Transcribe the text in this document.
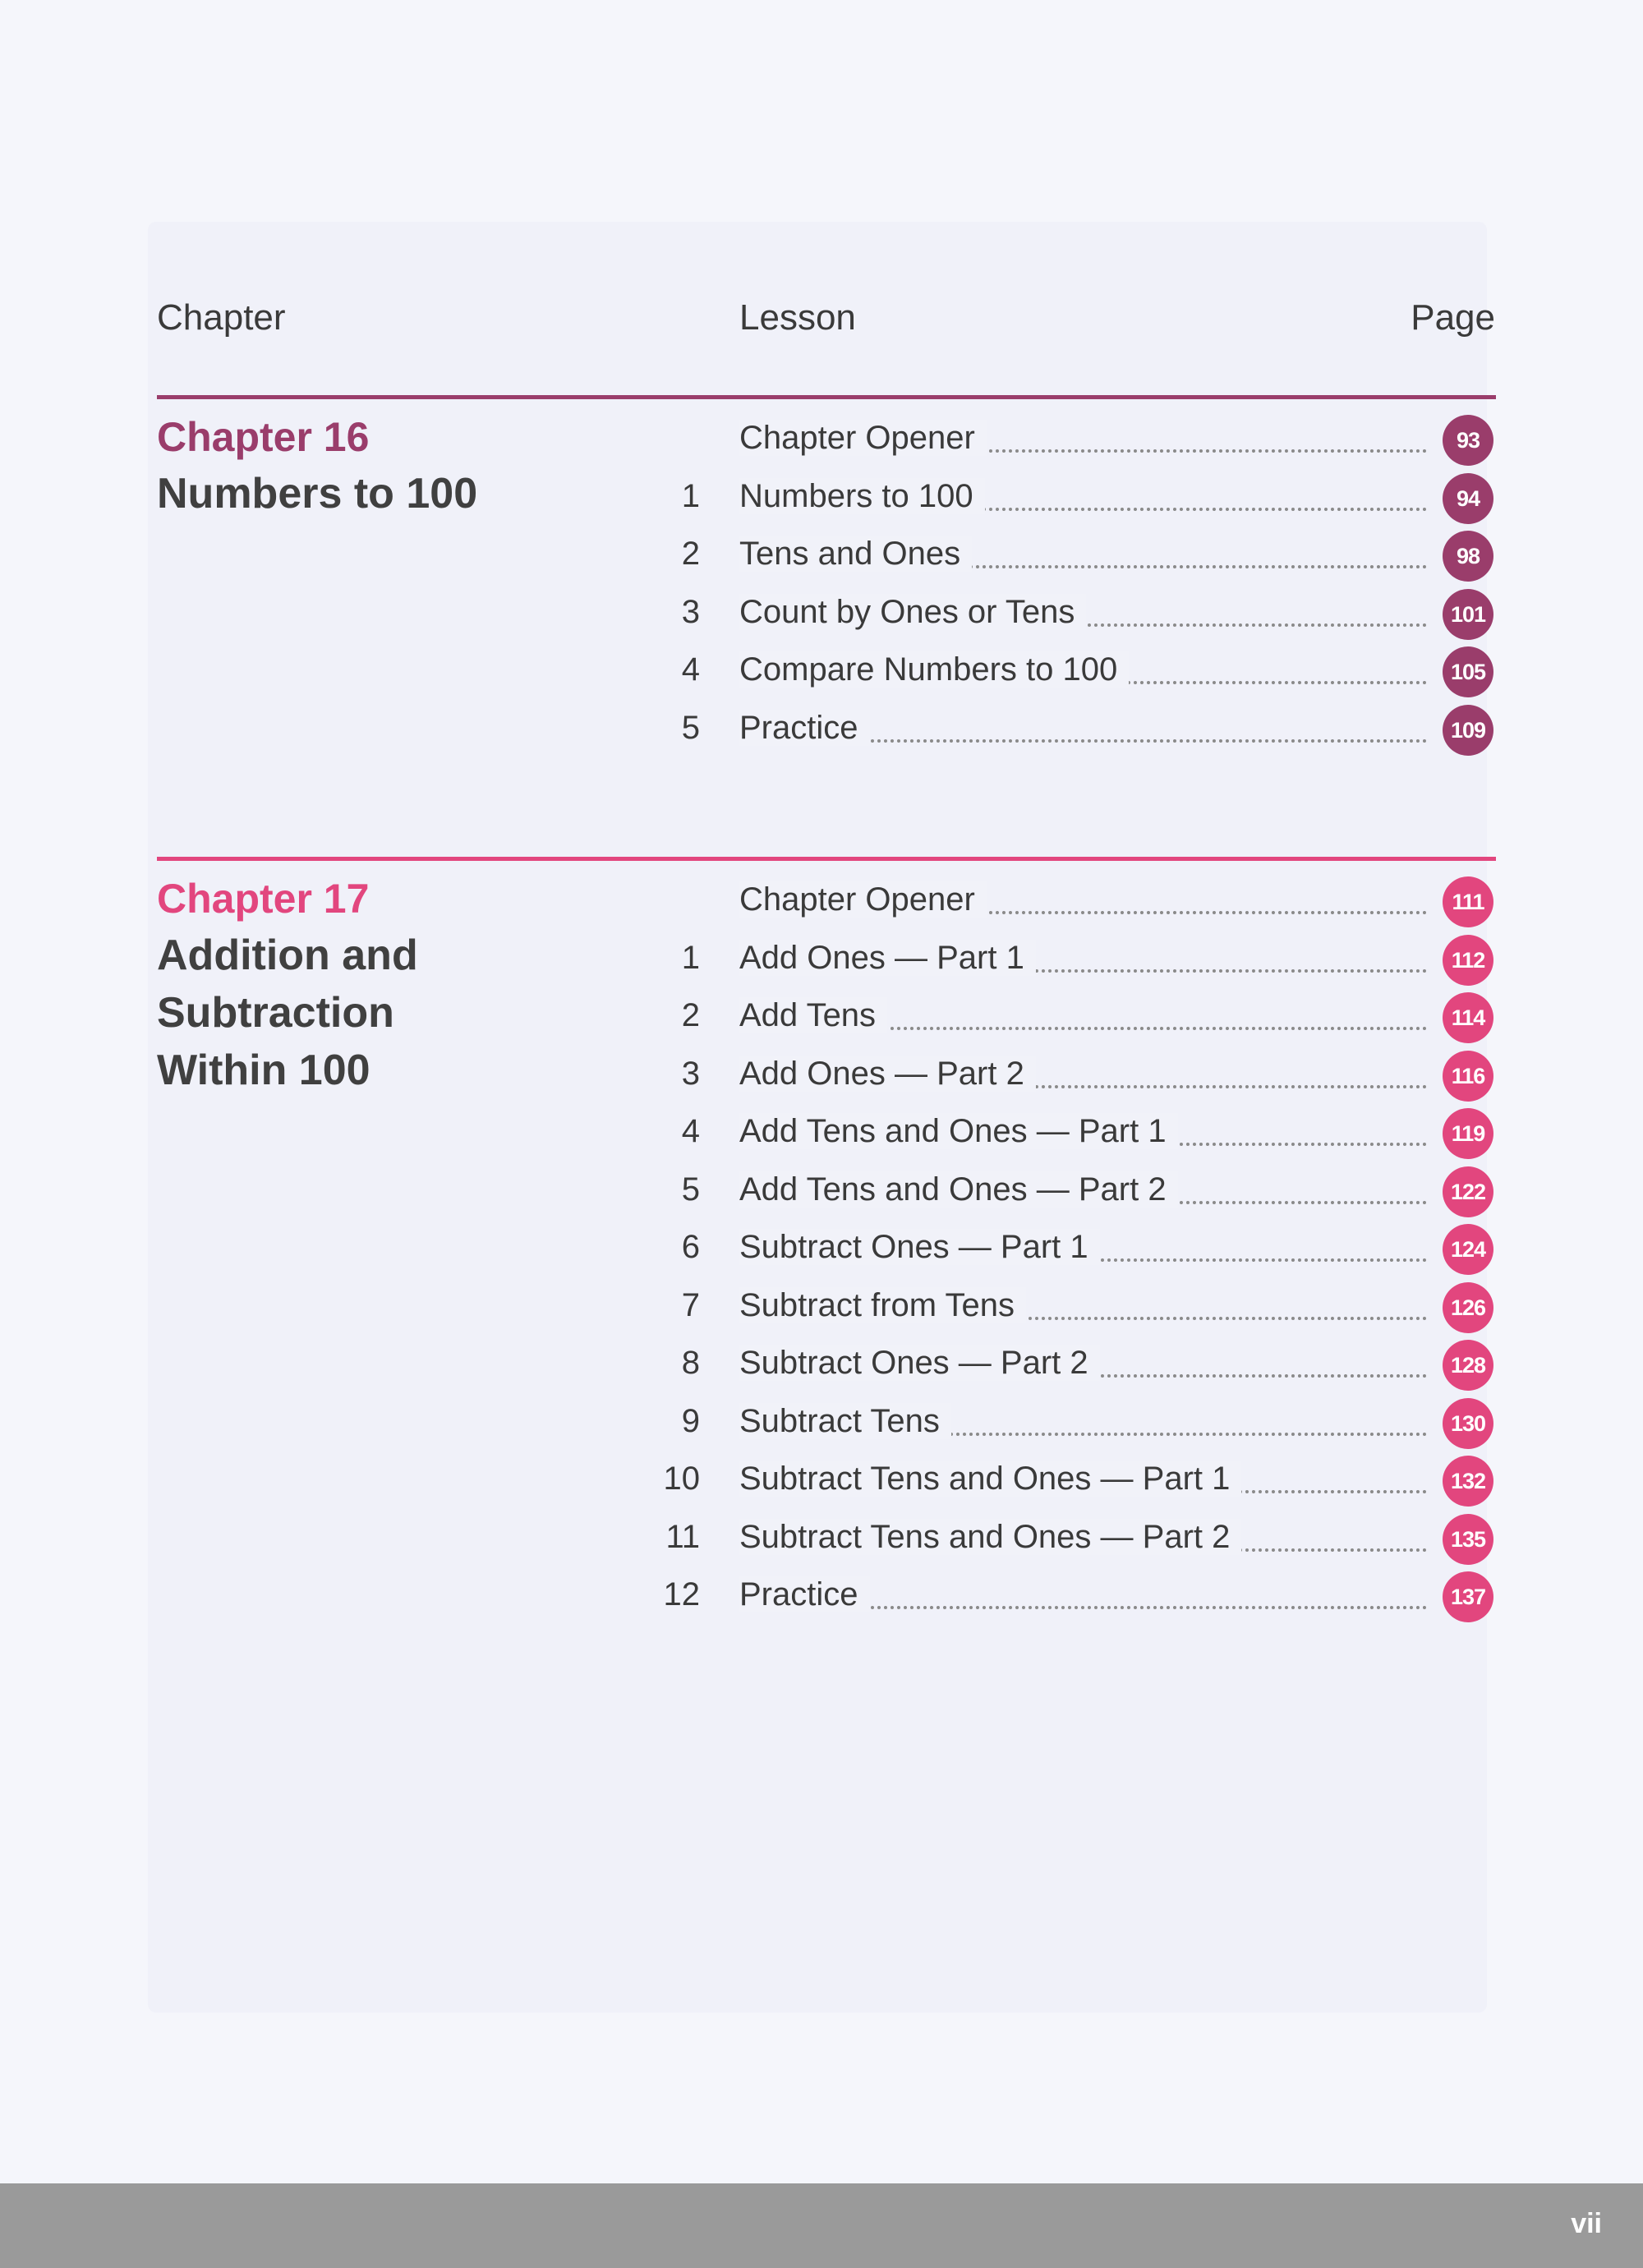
Chapter	Lesson	Page
Chapter 16
Numbers to 100
Chapter Opener	93
1 Numbers to 100	94
2 Tens and Ones	98
3 Count by Ones or Tens	101
4 Compare Numbers to 100	105
5 Practice	109
Chapter 17
Addition and
Subtraction
Within 100
Chapter Opener	111
1 Add Ones — Part 1	112
2 Add Tens	114
3 Add Ones — Part 2	116
4 Add Tens and Ones — Part 1	119
5 Add Tens and Ones — Part 2	122
6 Subtract Ones — Part 1	124
7 Subtract from Tens	126
8 Subtract Ones — Part 2	128
9 Subtract Tens	130
10 Subtract Tens and Ones — Part 1	132
11 Subtract Tens and Ones — Part 2	135
12 Practice	137
vii
